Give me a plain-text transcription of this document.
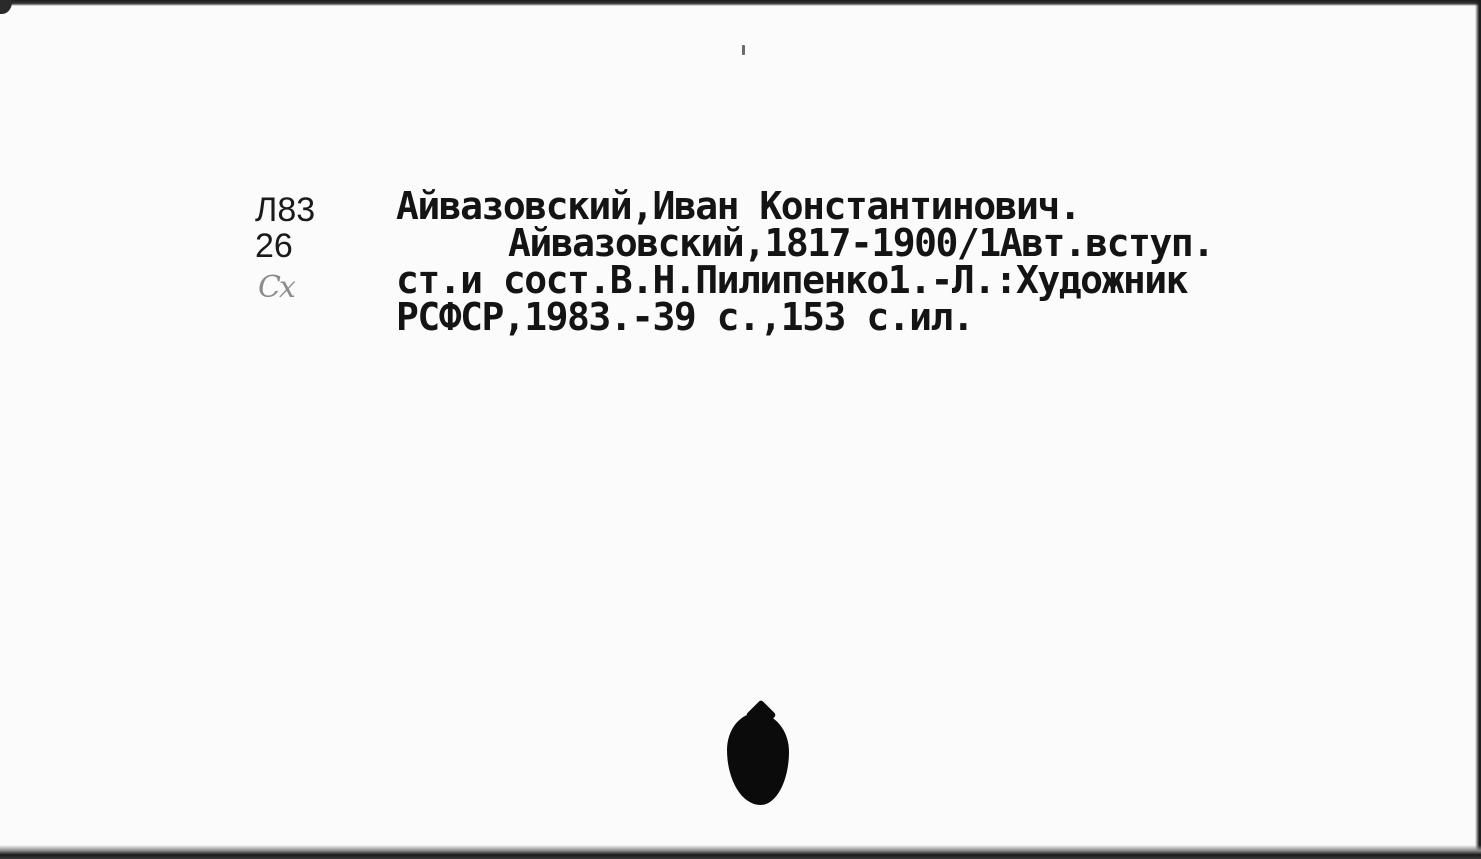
Л83
26
Cx
Айвазовский,Иван Константинович.
Айвазовский,1817-1900/1Авт.вступ.
ст.и сост.В.Н.Пилипенко1.-Л.:Художник
РСФСР,1983.-39 с.,153 с.ил.
